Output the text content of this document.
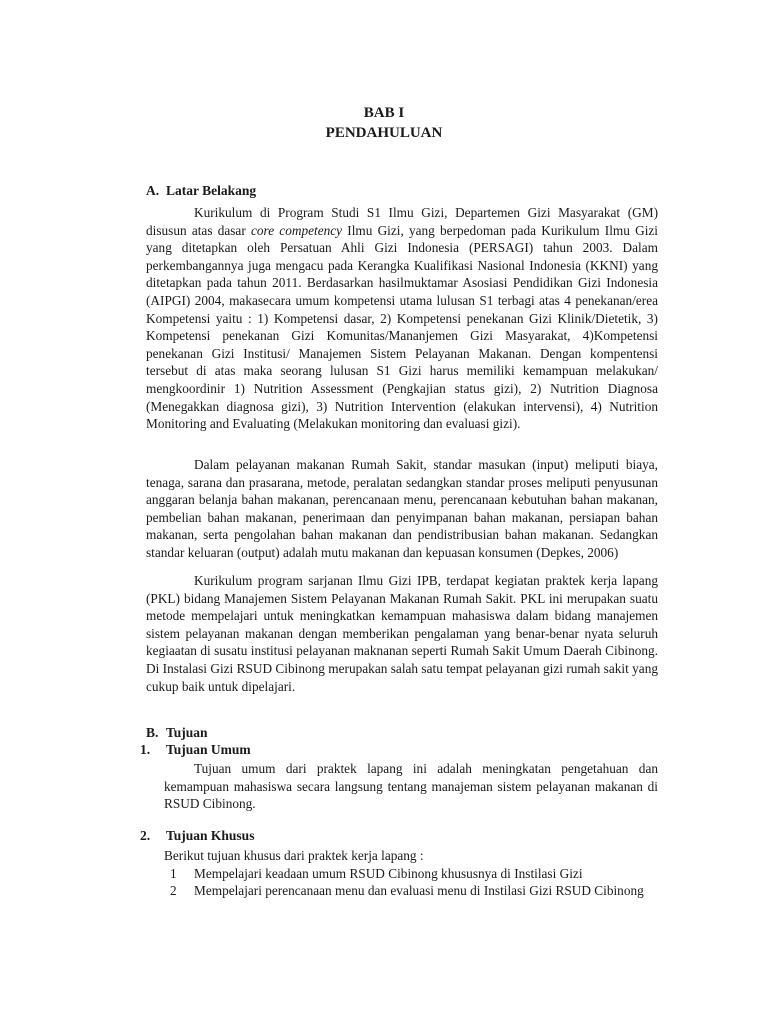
BAB I
PENDAHULUAN
A. Latar Belakang

Kurikulum di Program Studi S1 Ilmu Gizi, Departemen Gizi Masyarakat (GM) disusun atas dasar core competency Ilmu Gizi, yang berpedoman pada Kurikulum Ilmu Gizi yang ditetapkan oleh Persatuan Ahli Gizi Indonesia (PERSAGI) tahun 2003. Dalam perkembangannya juga mengacu pada Kerangka Kualifikasi Nasional Indonesia (KKNI) yang ditetapkan pada tahun 2011. Berdasarkan hasilmuktamar Asosiasi Pendidikan Gizi Indonesia (AIPGI) 2004, makasecara umum kompetensi utama lulusan S1 terbagi atas 4 penekanan/erea Kompetensi yaitu : 1) Kompetensi dasar, 2) Kompetensi penekanan Gizi Klinik/Dietetik, 3) Kompetensi penekanan Gizi Komunitas/Mananjemen Gizi Masyarakat, 4)Kompetensi penekanan Gizi Institusi/ Manajemen Sistem Pelayanan Makanan. Dengan kompentensi tersebut di atas maka seorang lulusan S1 Gizi harus memiliki kemampuan melakukan/ mengkoordinir 1) Nutrition Assessment (Pengkajian status gizi), 2) Nutrition Diagnosa (Menegakkan diagnosa gizi), 3) Nutrition Intervention (elakukan intervensi), 4) Nutrition Monitoring and Evaluating (Melakukan monitoring dan evaluasi gizi).

Dalam pelayanan makanan Rumah Sakit, standar masukan (input) meliputi biaya, tenaga, sarana dan prasarana, metode, peralatan sedangkan standar proses meliputi penyusunan anggaran belanja bahan makanan, perencanaan menu, perencanaan kebutuhan bahan makanan, pembelian bahan makanan, penerimaan dan penyimpanan bahan makanan, persiapan bahan makanan, serta pengolahan bahan makanan dan pendistribusian bahan makanan. Sedangkan standar keluaran (output) adalah mutu makanan dan kepuasan konsumen (Depkes, 2006)

Kurikulum program sarjanan Ilmu Gizi IPB, terdapat kegiatan praktek kerja lapang (PKL) bidang Manajemen Sistem Pelayanan Makanan Rumah Sakit. PKL ini merupakan suatu metode mempelajari untuk meningkatkan kemampuan mahasiswa dalam bidang manajemen sistem pelayanan makanan dengan memberikan pengalaman yang benar-benar nyata seluruh kegiaatan di susatu institusi pelayanan maknanan seperti Rumah Sakit Umum Daerah Cibinong. Di Instalasi Gizi RSUD Cibinong merupakan salah satu tempat pelayanan gizi rumah sakit yang cukup baik untuk dipelajari.

B. Tujuan
1. Tujuan Umum

Tujuan umum dari praktek lapang ini adalah meningkatan pengetahuan dan kemampuan mahasiswa secara langsung tentang manajeman sistem pelayanan makanan di RSUD Cibinong.

2. Tujuan Khusus
Berikut tujuan khusus dari praktek kerja lapang :
1 Mempelajari keadaan umum RSUD Cibinong khususnya di Instilasi Gizi
2 Mempelajari perencanaan menu dan evaluasi menu di Instilasi Gizi RSUD Cibinong
